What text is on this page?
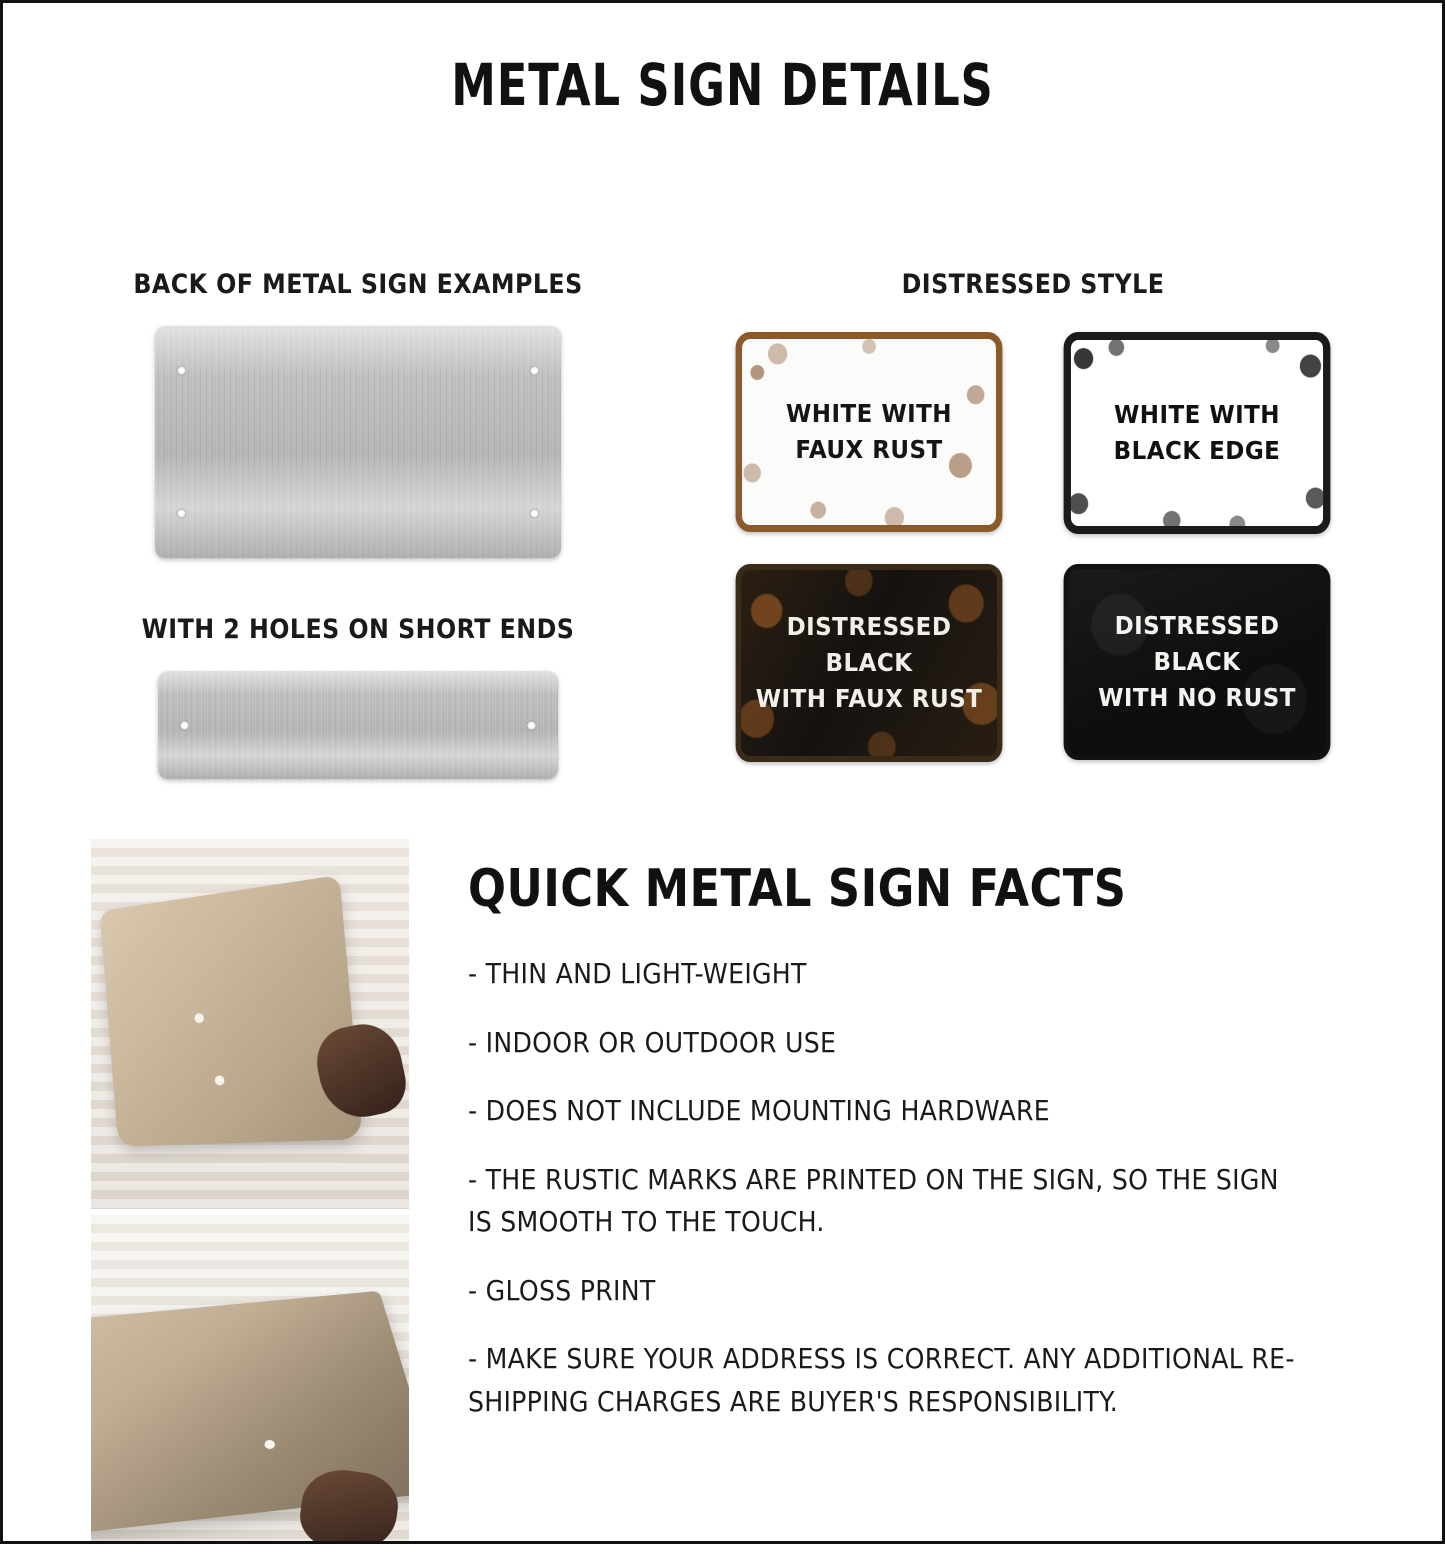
METAL SIGN DETAILS
BACK OF METAL SIGN EXAMPLES
WITH 2 HOLES ON SHORT ENDS
DISTRESSED STYLE
WHITE WITH
FAUX RUST
WHITE WITH
BLACK EDGE
DISTRESSED BLACK
WITH FAUX RUST
DISTRESSED BLACK
WITH NO RUST
QUICK METAL SIGN FACTS
- THIN AND LIGHT-WEIGHT
- INDOOR OR OUTDOOR USE
- DOES NOT INCLUDE MOUNTING HARDWARE
- THE RUSTIC MARKS ARE PRINTED ON THE SIGN, SO THE SIGN IS SMOOTH TO THE TOUCH.
- GLOSS PRINT
- MAKE SURE YOUR ADDRESS IS CORRECT. ANY ADDITIONAL RE-SHIPPING CHARGES ARE BUYER'S RESPONSIBILITY.
